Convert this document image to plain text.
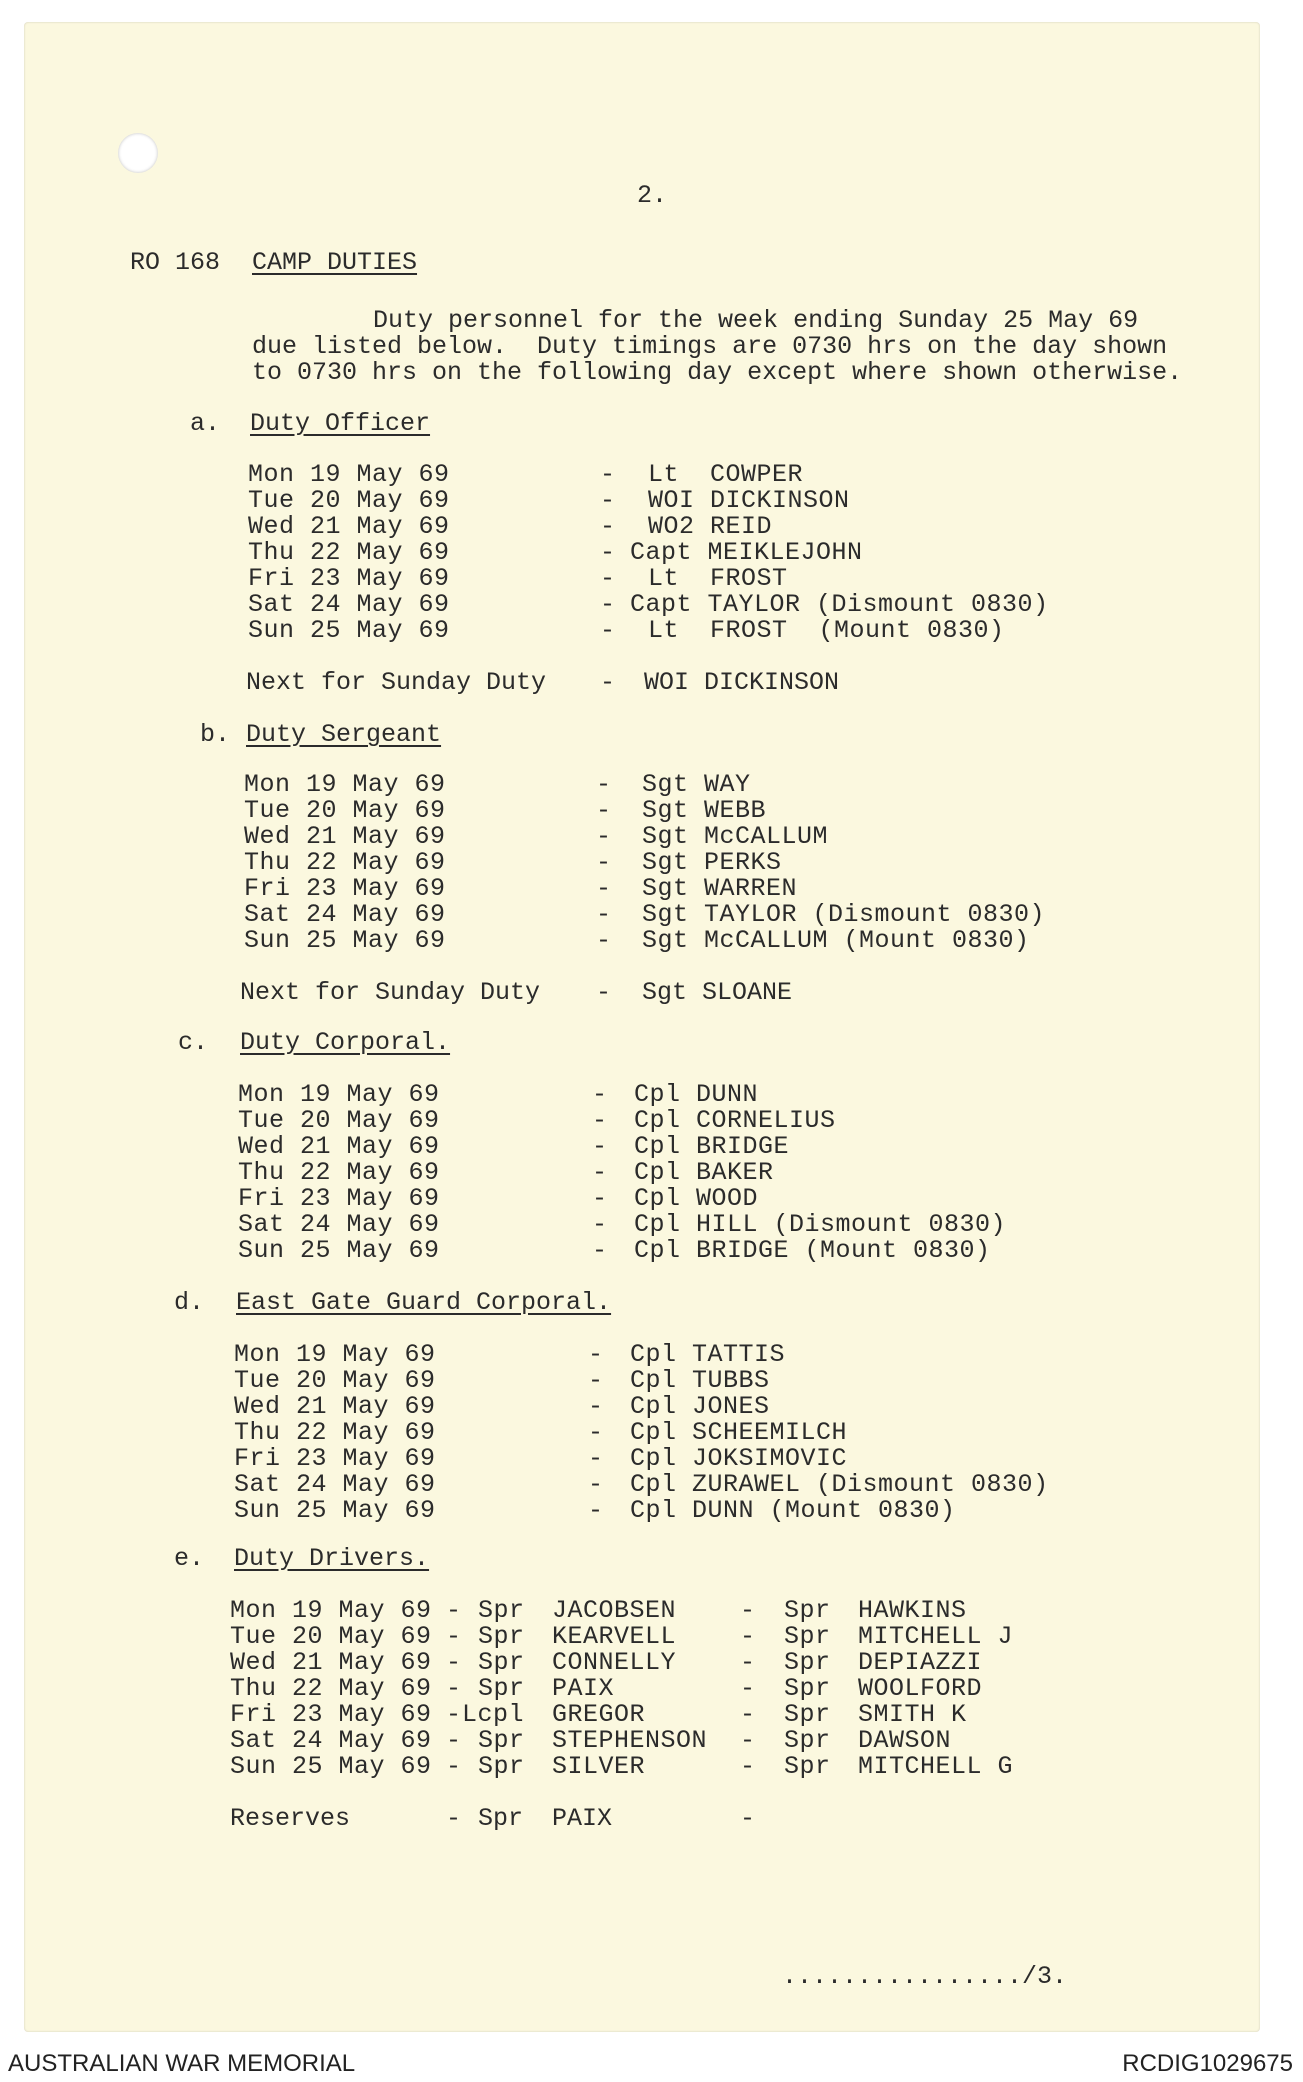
2.
RO 168 CAMP DUTIES
Duty personnel for the week ending Sunday 25 May 69
due listed below.  Duty timings are 0730 hrs on the day shown
to 0730 hrs on the following day except where shown otherwise.
a. Duty Officer
Mon 19 May 69	- Lt  COWPER
Tue 20 May 69	- WOI DICKINSON
Wed 21 May 69	- WO2 REID
Thu 22 May 69	- Capt MEIKLEJOHN
Fri 23 May 69	- Lt  FROST
Sat 24 May 69	- Capt TAYLOR (Dismount 0830)
Sun 25 May 69	- Lt  FROST  (Mount 0830)
Next for Sunday Duty - WOI DICKINSON
b. Duty Sergeant
Mon 19 May 69	- Sgt WAY
Tue 20 May 69	- Sgt WEBB
Wed 21 May 69	- Sgt McCALLUM
Thu 22 May 69	- Sgt PERKS
Fri 23 May 69	- Sgt WARREN
Sat 24 May 69	- Sgt TAYLOR (Dismount 0830)
Sun 25 May 69	- Sgt McCALLUM (Mount 0830)
Next for Sunday Duty - Sgt SLOANE
c. Duty Corporal.
Mon 19 May 69	- Cpl DUNN
Tue 20 May 69	- Cpl CORNELIUS
Wed 21 May 69	- Cpl BRIDGE
Thu 22 May 69	- Cpl BAKER
Fri 23 May 69	- Cpl WOOD
Sat 24 May 69	- Cpl HILL (Dismount 0830)
Sun 25 May 69	- Cpl BRIDGE (Mount 0830)
d. East Gate Guard Corporal.
Mon 19 May 69	- Cpl TATTIS
Tue 20 May 69	- Cpl TUBBS
Wed 21 May 69	- Cpl JONES
Thu 22 May 69	- Cpl SCHEEMILCH
Fri 23 May 69	- Cpl JOKSIMOVIC
Sat 24 May 69	- Cpl ZURAWEL (Dismount 0830)
Sun 25 May 69	- Cpl DUNN (Mount 0830)
e. Duty Drivers.
Mon 19 May 69 - Spr JACOBSEN	- Spr HAWKINS
Tue 20 May 69 - Spr KEARVELL	- Spr MITCHELL J
Wed 21 May 69 - Spr CONNELLY	- Spr DEPIAZZI
Thu 22 May 69 - Spr PAIX	- Spr WOOLFORD
Fri 23 May 69 - Lcpl GREGOR	- Spr SMITH K
Sat 24 May 69 - Spr STEPHENSON - Spr DAWSON
Sun 25 May 69 - Spr SILVER	- Spr MITCHELL G
Reserves	- Spr PAIX	-
................/3.
AUSTRALIAN WAR MEMORIAL	RCDIG1029675
